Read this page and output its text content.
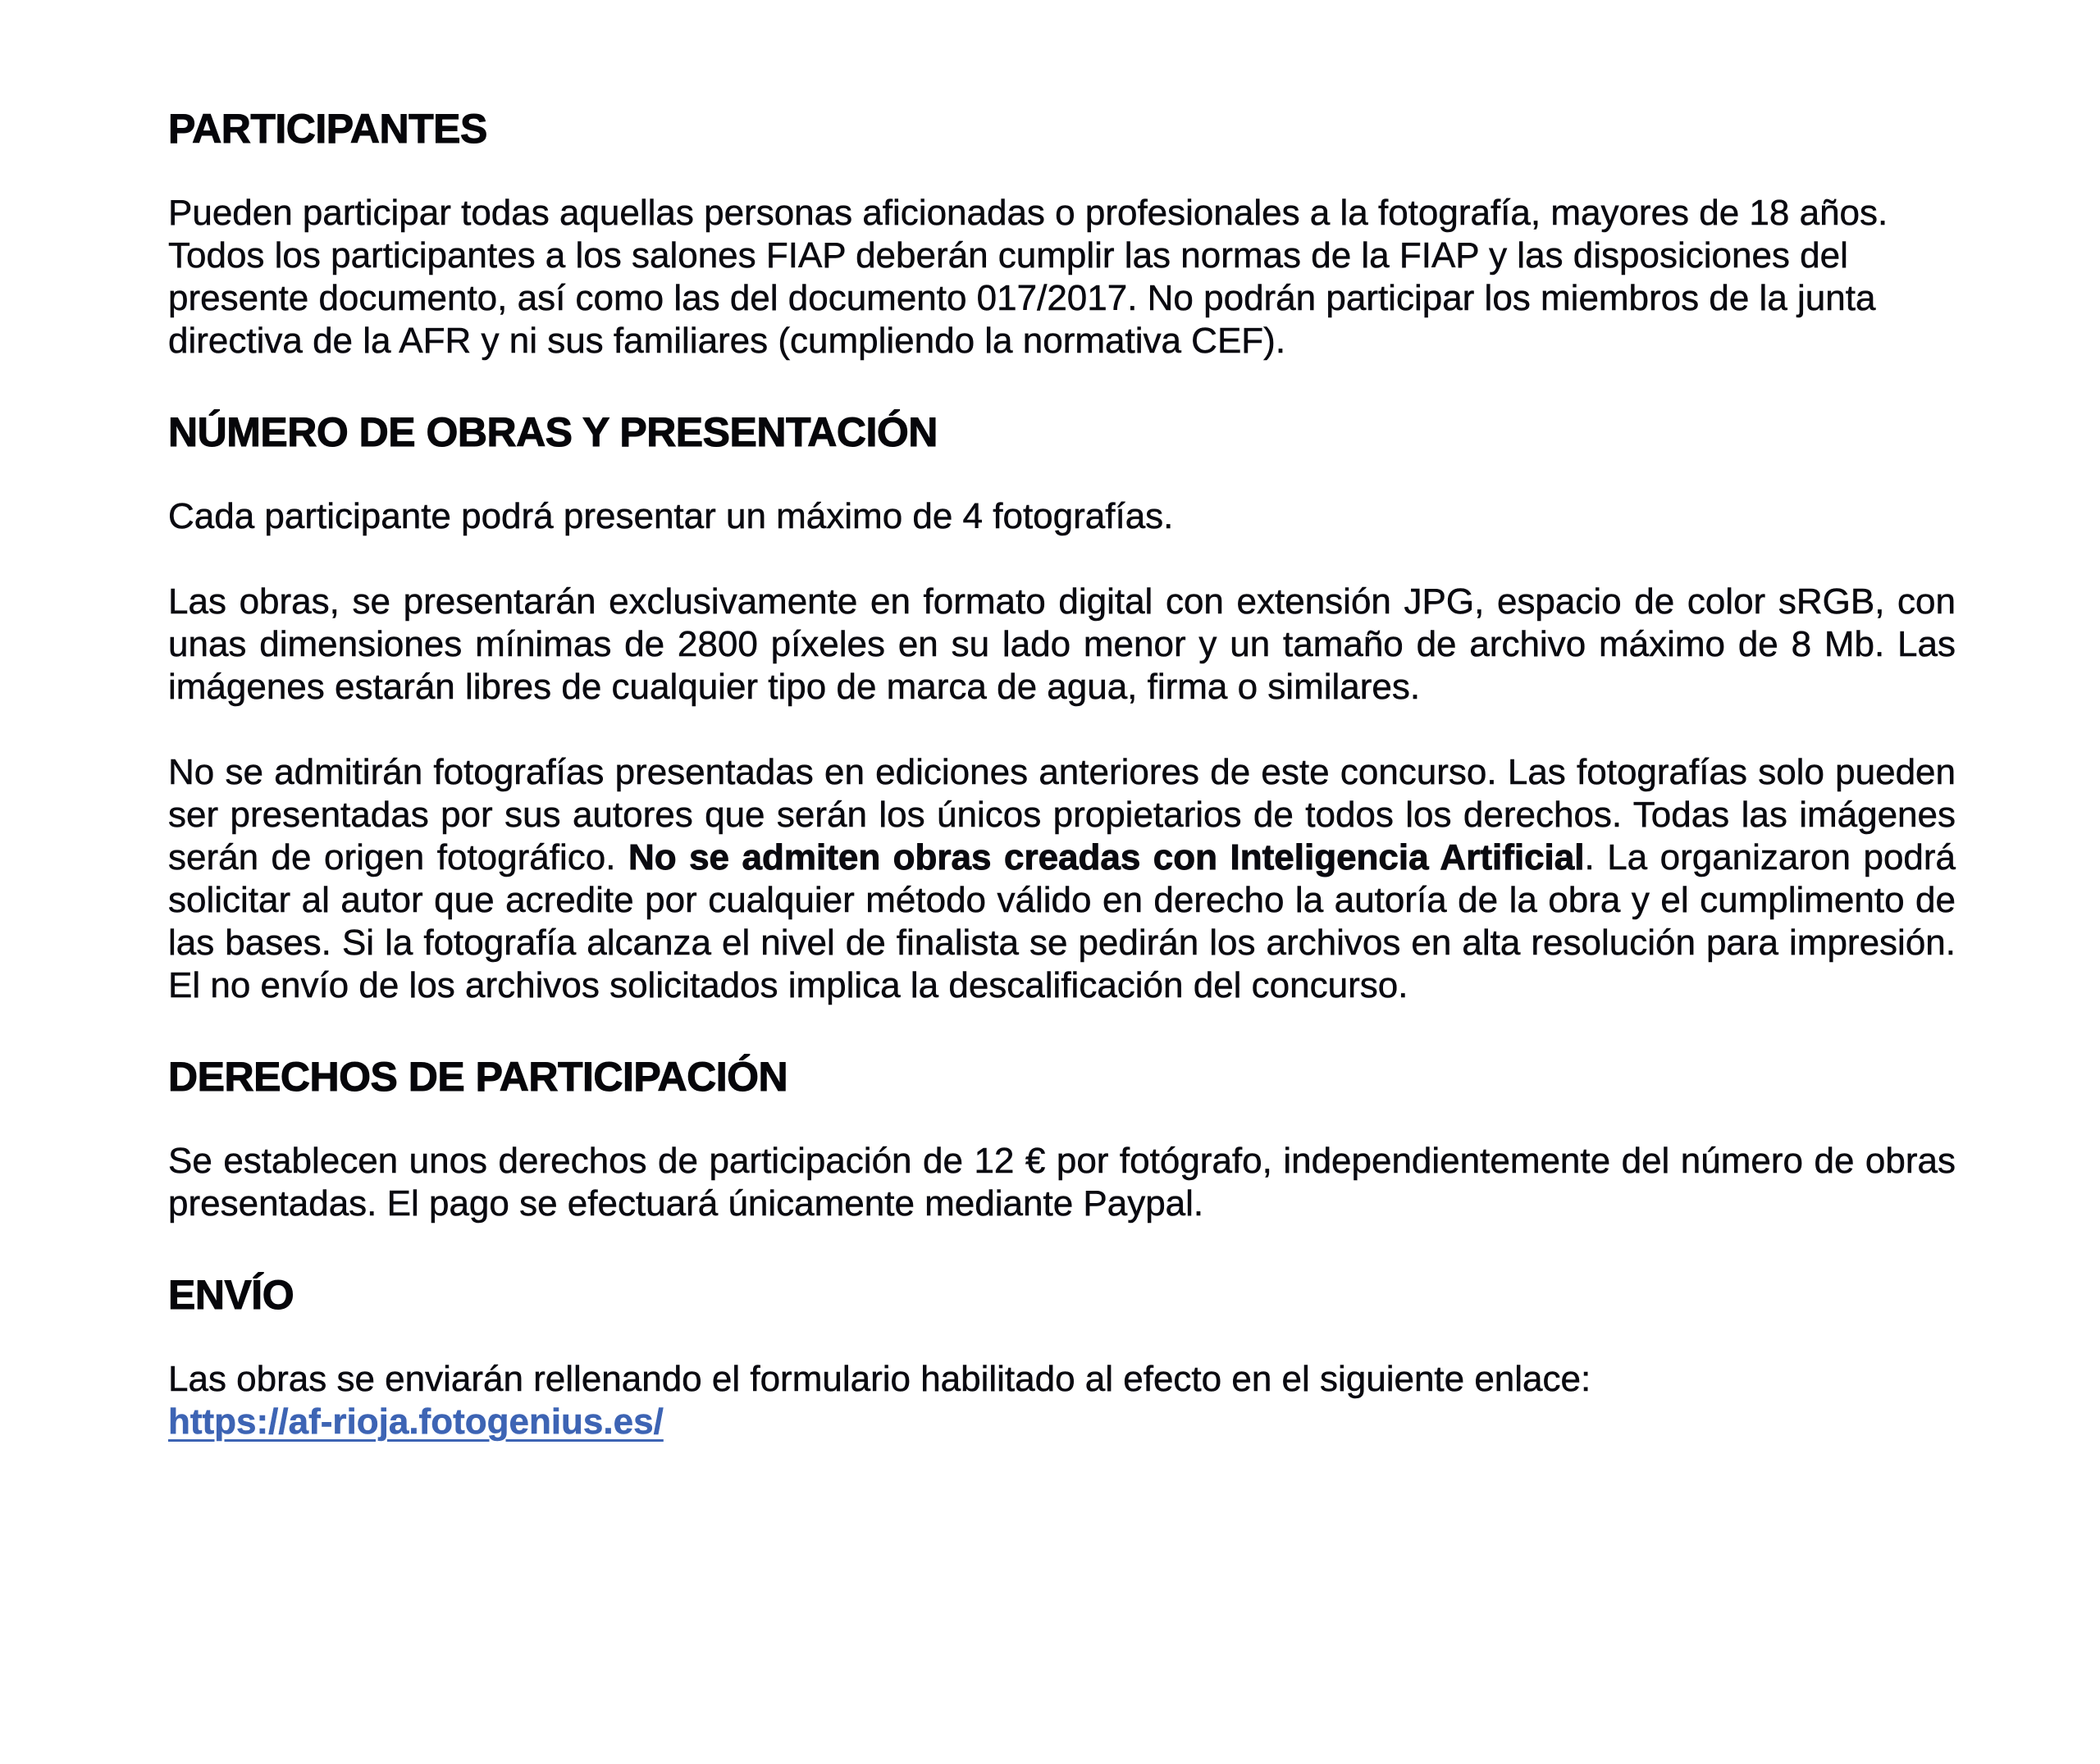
PARTICIPANTES

Pueden participar todas aquellas personas aficionadas o profesionales a la fotografía, mayores de 18 años. Todos los participantes a los salones FIAP deberán cumplir las normas de la FIAP y las disposiciones del presente documento, así como las del documento 017/2017. No podrán participar los miembros de la junta directiva de la AFR y ni sus familiares (cumpliendo la normativa CEF).

NÚMERO DE OBRAS Y PRESENTACIÓN

Cada participante podrá presentar un máximo de 4 fotografías.

Las obras, se presentarán exclusivamente en formato digital con extensión JPG, espacio de color sRGB, con unas dimensiones mínimas de 2800 píxeles en su lado menor y un tamaño de archivo máximo de 8 Mb. Las imágenes estarán libres de cualquier tipo de marca de agua, firma o similares.

No se admitirán fotografías presentadas en ediciones anteriores de este concurso. Las fotografías solo pueden ser presentadas por sus autores que serán los únicos propietarios de todos los derechos. Todas las imágenes serán de origen fotográfico. No se admiten obras creadas con Inteligencia Artificial. La organizaron podrá solicitar al autor que acredite por cualquier método válido en derecho la autoría de la obra y el cumplimento de las bases. Si la fotografía alcanza el nivel de finalista se pedirán los archivos en alta resolución para impresión. El no envío de los archivos solicitados implica la descalificación del concurso.

DERECHOS DE PARTICIPACIÓN

Se establecen unos derechos de participación de 12 € por fotógrafo, independientemente del número de obras presentadas. El pago se efectuará únicamente mediante Paypal.

ENVÍO

Las obras se enviarán rellenando el formulario habilitado al efecto en el siguiente enlace:

https://af-rioja.fotogenius.es/
